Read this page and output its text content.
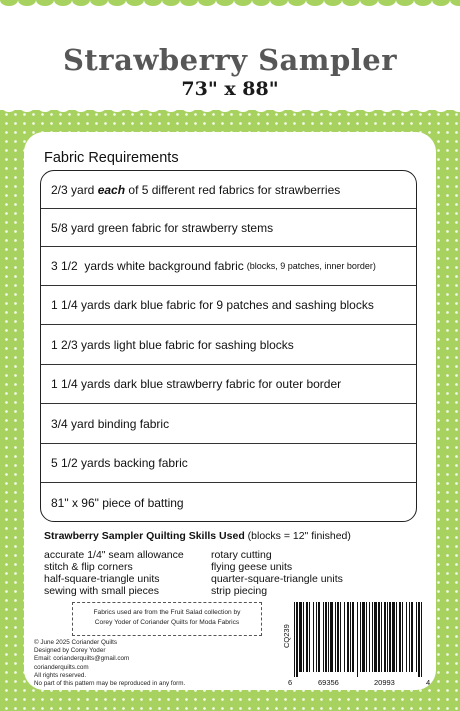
Strawberry Sampler
73" x 88"
Fabric Requirements
2/3 yard each of 5 different red fabrics for strawberries
5/8 yard green fabric for strawberry stems
3 1/2  yards white background fabric (blocks, 9 patches, inner border)
1 1/4 yards dark blue fabric for 9 patches and sashing blocks
1 2/3 yards light blue fabric for sashing blocks
1 1/4 yards dark blue strawberry fabric for outer border
3/4 yard binding fabric
5 1/2 yards backing fabric
81" x 96" piece of batting
Strawberry Sampler Quilting Skills Used (blocks = 12" finished)
accurate 1/4" seam allowance
stitch & flip corners
half-square-triangle units
sewing with small pieces
rotary cutting
flying geese units
quarter-square-triangle units
strip piecing
Fabrics used are from the Fruit Salad collection by
Corey Yoder of Coriander Quilts for Moda Fabrics
© June 2025 Coriander Quilts
Designed by Corey Yoder
Email: corianderquilts@gmail.com
corianderquilts.com
All rights reserved.
No part of this pattern may be reproduced in any form.
CQ239
6	69356	20993	4
